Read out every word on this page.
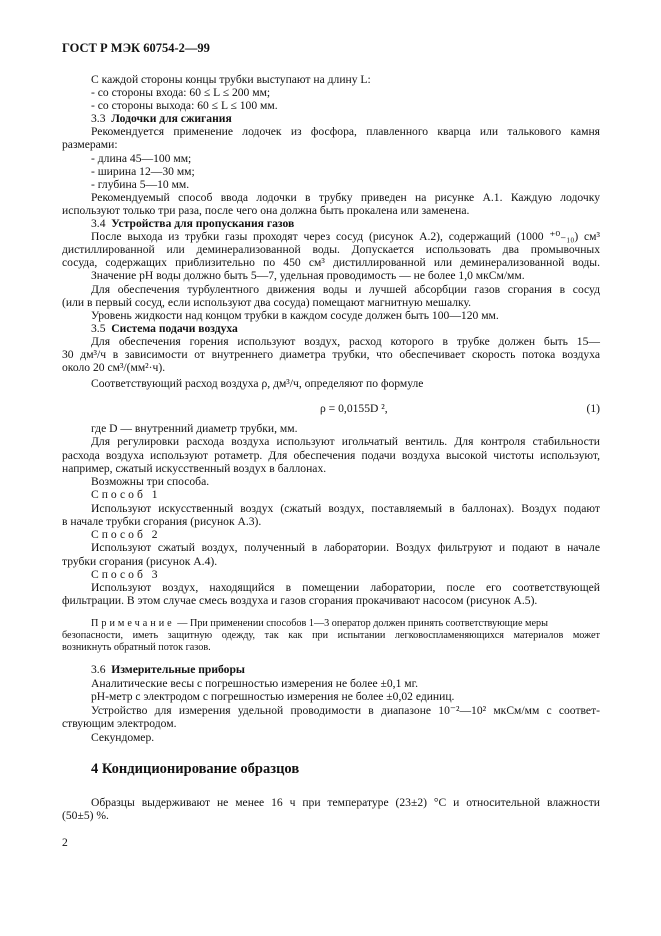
ГОСТ Р МЭК 60754-2—99
С каждой стороны концы трубки выступают на длину L:
- со стороны входа: 60 ≤ L ≤ 200 мм;
- со стороны выхода: 60 ≤ L ≤ 100 мм.
3.3 Лодочки для сжигания
Рекомендуется применение лодочек из фосфора, плавленного кварца или талькового камня
размерами:
- длина 45—100 мм;
- ширина 12—30 мм;
- глубина 5—10 мм.
Рекомендуемый способ ввода лодочки в трубку приведен на рисунке А.1. Каждую лодочку
используют только три раза, после чего она должна быть прокалена или заменена.
3.4 Устройства для пропускания газов
После выхода из трубки газы проходят через сосуд (рисунок А.2), содержащий (1000 ⁺⁰₋₁₀) см³
дистиллированной или деминерализованной воды. Допускается использовать два промывочных
сосуда, содержащих приблизительно по 450 см³ дистиллированной или деминерализованной воды.
Значение pH воды должно быть 5—7, удельная проводимость — не более 1,0 мкСм/мм.
Для обеспечения турбулентного движения воды и лучшей абсорбции газов сгорания в сосуд
(или в первый сосуд, если используют два сосуда) помещают магнитную мешалку.
Уровень жидкости над концом трубки в каждом сосуде должен быть 100—120 мм.
3.5 Система подачи воздуха
Для обеспечения горения используют воздух, расход которого в трубке должен быть 15—
30 дм³/ч в зависимости от внутреннего диаметра трубки, что обеспечивает скорость потока воздуха
около 20 см³/(мм²·ч).
Соответствующий расход воздуха ρ, дм³/ч, определяют по формуле
ρ = 0,0155D ²,	(1)
где D — внутренний диаметр трубки, мм.
Для регулировки расхода воздуха используют игольчатый вентиль. Для контроля стабильности
расхода воздуха используют ротаметр. Для обеспечения подачи воздуха высокой чистоты используют,
например, сжатый искусственный воздух в баллонах.
Возможны три способа.
Способ 1
Используют искусственный воздух (сжатый воздух, поставляемый в баллонах). Воздух подают
в начале трубки сгорания (рисунок А.3).
Способ 2
Используют сжатый воздух, полученный в лаборатории. Воздух фильтруют и подают в начале
трубки сгорания (рисунок А.4).
Способ 3
Используют воздух, находящийся в помещении лаборатории, после его соответствующей
фильтрации. В этом случае смесь воздуха и газов сгорания прокачивают насосом (рисунок А.5).
Примечание — При применении способов 1—3 оператор должен принять соответствующие меры
безопасности, иметь защитную одежду, так как при испытании легковоспламеняющихся материалов может
возникнуть обратный поток газов.
3.6 Измерительные приборы
Аналитические весы с погрешностью измерения не более ±0,1 мг.
pH-метр с электродом с погрешностью измерения не более ±0,02 единиц.
Устройство для измерения удельной проводимости в диапазоне 10⁻²—10² мкСм/мм с соответ-
ствующим электродом.
Секундомер.
4 Кондиционирование образцов
Образцы выдерживают не менее 16 ч при температуре (23±2) °С и относительной влажности
(50±5) %.
2
